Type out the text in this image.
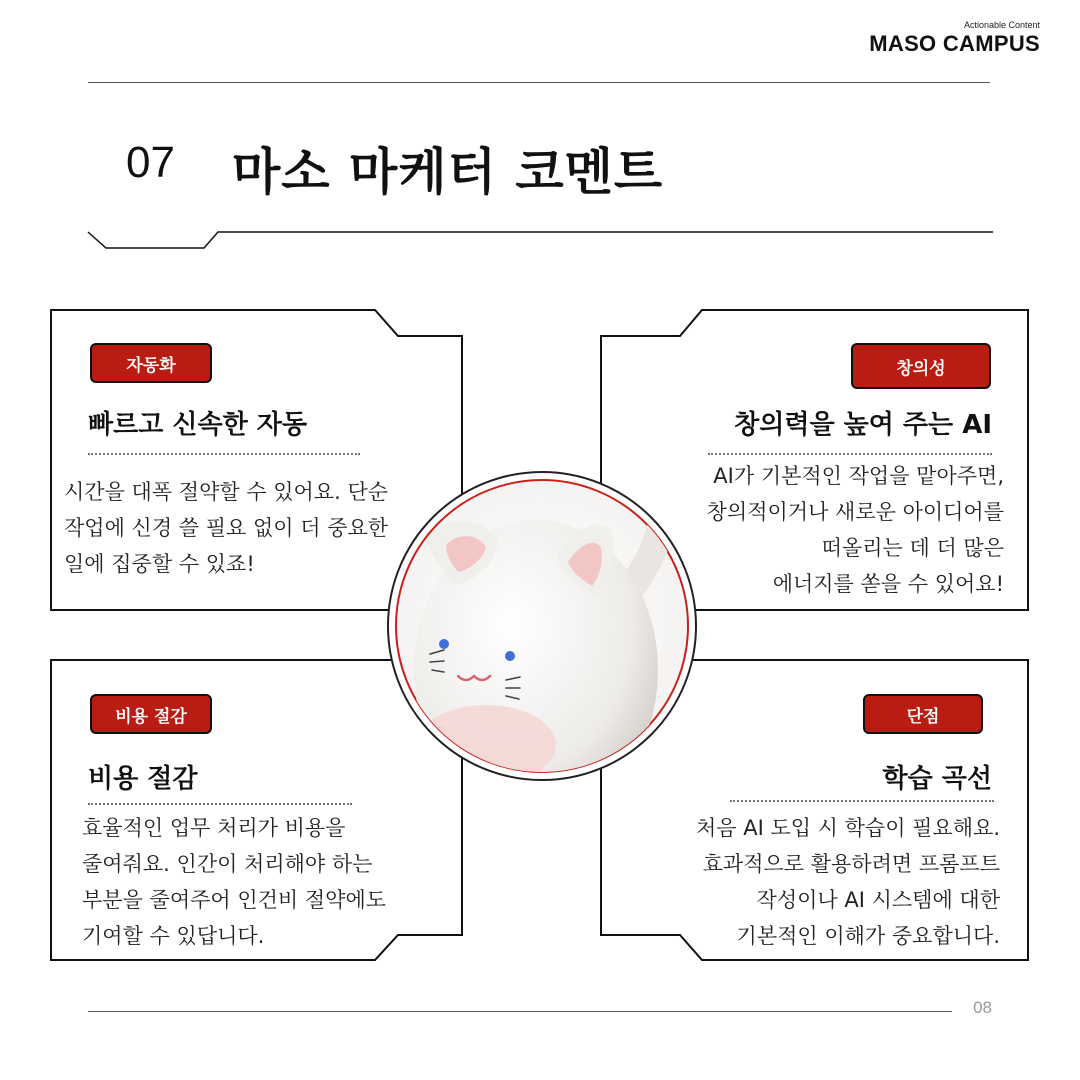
Actionable Content
MASO CAMPUS
07 마소 마케터 코멘트
자동화
빠르고 신속한 자동
시간을 대폭 절약할 수 있어요. 단순
작업에 신경 쓸 필요 없이 더 중요한
일에 집중할 수 있죠!
창의성
창의력을 높여 주는 AI
AI가 기본적인 작업을 맡아주면,
창의적이거나 새로운 아이디어를
떠올리는 데 더 많은
에너지를 쏟을 수 있어요!
비용 절감
비용 절감
효율적인 업무 처리가 비용을
줄여줘요. 인간이 처리해야 하는
부분을 줄여주어 인건비 절약에도
기여할 수 있답니다.
단점
학습 곡선
처음 AI 도입 시 학습이 필요해요.
효과적으로 활용하려면 프롬프트
작성이나 AI 시스템에 대한
기본적인 이해가 중요합니다.
08
